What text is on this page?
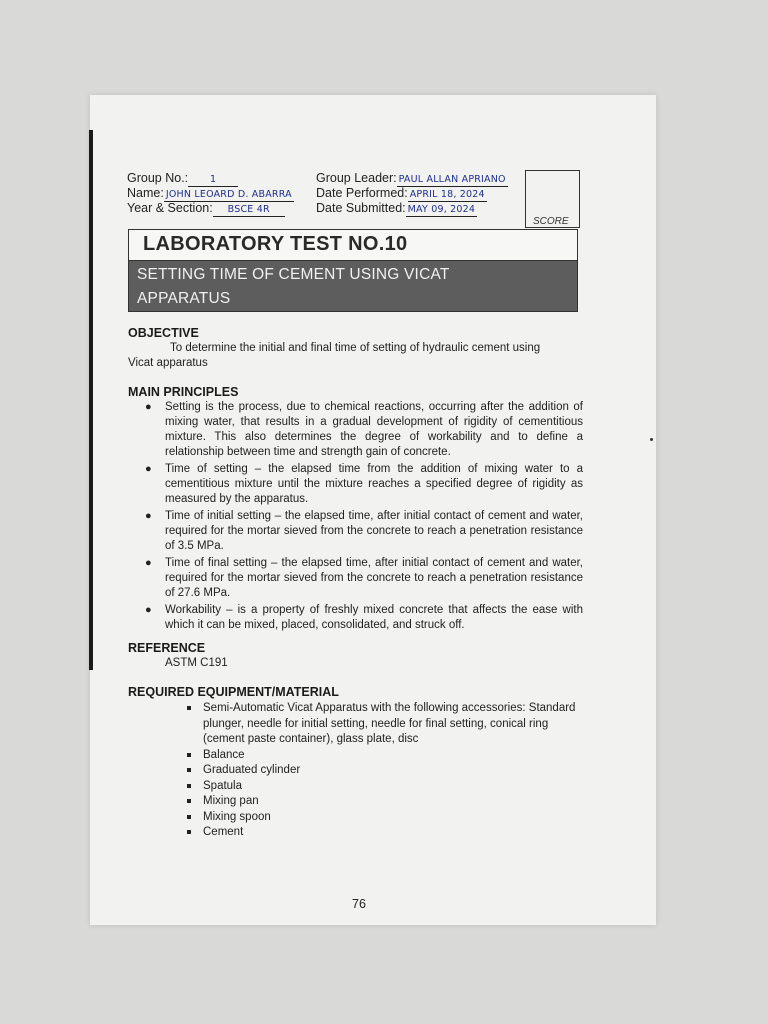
Group No.: 1
Name: JOHN LEOARD D. ABARRA
Year & Section: BSCE 4R
Group Leader: PAUL ALLAN APRIANO
Date Performed: APRIL 18, 2024
Date Submitted: MAY 09, 2024
SCORE
LABORATORY TEST NO.10
SETTING TIME OF CEMENT USING VICAT
APPARATUS
OBJECTIVE
To determine the initial and final time of setting of hydraulic cement using
Vicat apparatus
MAIN PRINCIPLES
● Setting is the process, due to chemical reactions, occurring after the addition of mixing water, that results in a gradual development of rigidity of cementitious mixture. This also determines the degree of workability and to define a relationship between time and strength gain of concrete.
● Time of setting – the elapsed time from the addition of mixing water to a cementitious mixture until the mixture reaches a specified degree of rigidity as measured by the apparatus.
● Time of initial setting – the elapsed time, after initial contact of cement and water, required for the mortar sieved from the concrete to reach a penetration resistance of 3.5 MPa.
● Time of final setting – the elapsed time, after initial contact of cement and water, required for the mortar sieved from the concrete to reach a penetration resistance of 27.6 MPa.
● Workability – is a property of freshly mixed concrete that affects the ease with which it can be mixed, placed, consolidated, and struck off.
REFERENCE
ASTM C191
REQUIRED EQUIPMENT/MATERIAL
Semi-Automatic Vicat Apparatus with the following accessories: Standard plunger, needle for initial setting, needle for final setting, conical ring (cement paste container), glass plate, disc
Balance
Graduated cylinder
Spatula
Mixing pan
Mixing spoon
Cement
76
